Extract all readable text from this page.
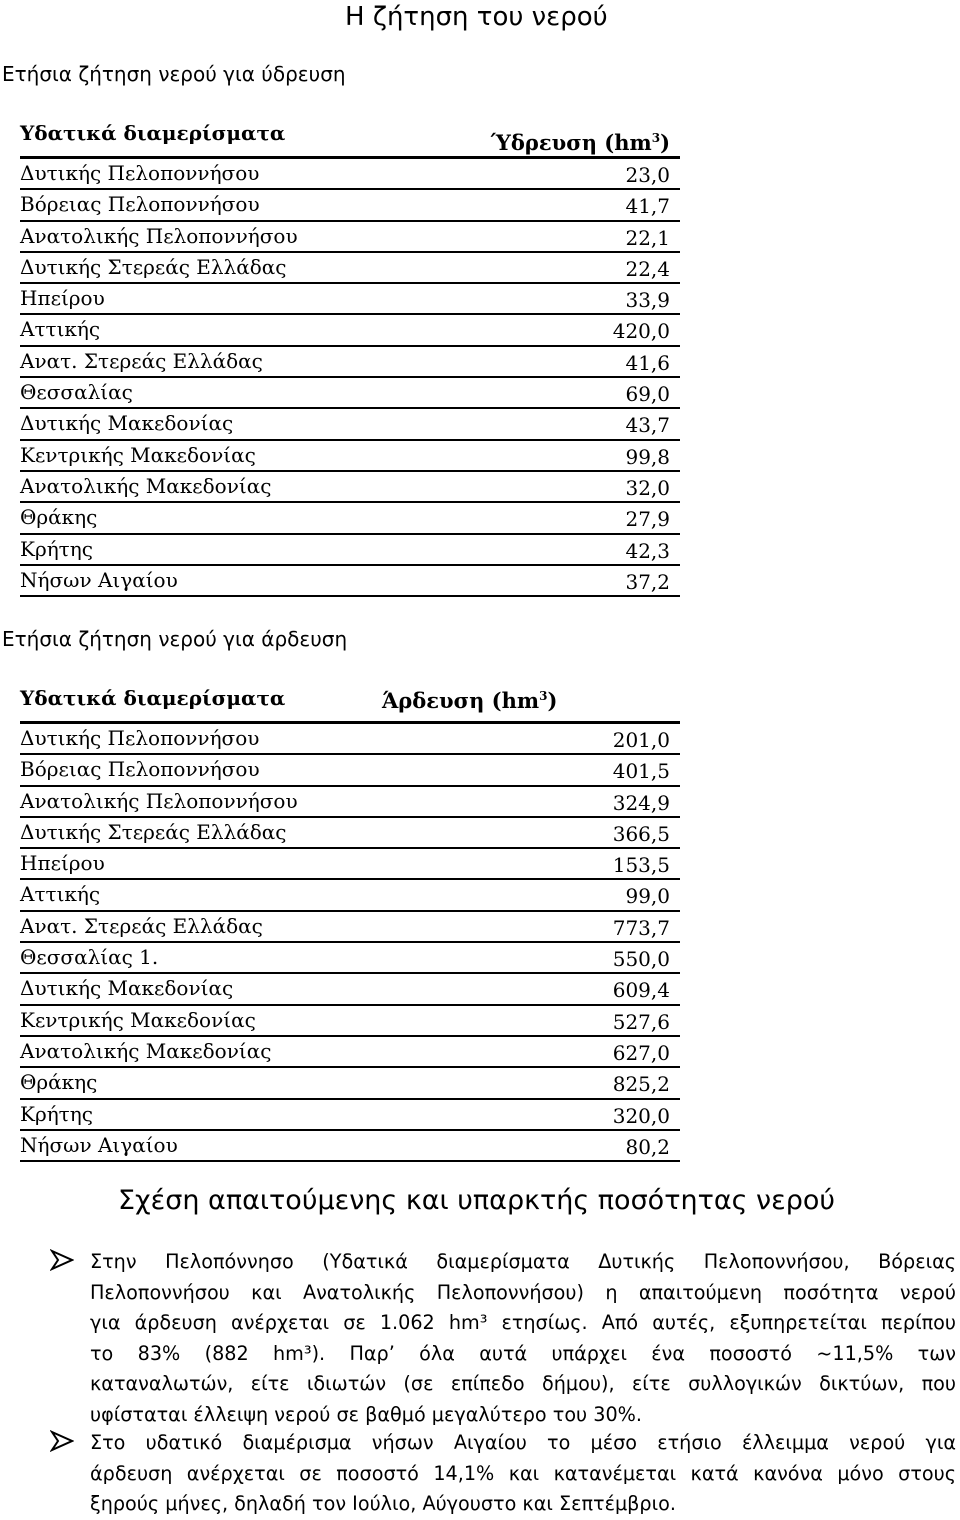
Η ζήτηση του νερού
Ετήσια ζήτηση νερού για ύδρευση
Υδατικά διαμερίσματα	Ύδρευση $(hm^3)$
Δυτικής Πελοποννήσου	23,0
Βόρειας Πελοποννήσου	41,7
Ανατολικής Πελοποννήσου	22,1
Δυτικής Στερεάς Ελλάδας	22,4
Ηπείρου	33,9
Αττικής	420,0
Ανατ. Στερεάς Ελλάδας	41,6
Θεσσαλίας	69,0
Δυτικής Μακεδονίας	43,7
Κεντρικής Μακεδονίας	99,8
Ανατολικής Μακεδονίας	32,0
Θράκης	27,9
Κρήτης	42,3
Νήσων Αιγαίου	37,2
Ετήσια ζήτηση νερού για άρδευση
Υδατικά διαμερίσματα	Άρδευση $(hm^3)$
Δυτικής Πελοποννήσου	201,0
Βόρειας Πελοποννήσου	401,5
Ανατολικής Πελοποννήσου	324,9
Δυτικής Στερεάς Ελλάδας	366,5
Ηπείρου	153,5
Αττικής	99,0
Ανατ. Στερεάς Ελλάδας	773,7
Θεσσαλίας 1.	550,0
Δυτικής Μακεδονίας	609,4
Κεντρικής Μακεδονίας	527,6
Ανατολικής Μακεδονίας	627,0
Θράκης	825,2
Κρήτης	320,0
Νήσων Αιγαίου	80,2
Σχέση απαιτούμενης και υπαρκτής ποσότητας νερού
Στην Πελοπόννησο (Υδατικά διαμερίσματα Δυτικής Πελοποννήσου, Βόρειας
Πελοποννήσου και Ανατολικής Πελοποννήσου) η απαιτούμενη ποσότητα νερού
για άρδευση ανέρχεται σε 1.062 hm³ ετησίως. Από αυτές, εξυπηρετείται περίπου
το 83% (882 hm³). Παρ’ όλα αυτά υπάρχει ένα ποσοστό ~11,5% των
καταναλωτών, είτε ιδιωτών (σε επίπεδο δήμου), είτε συλλογικών δικτύων, που
υφίσταται έλλειψη νερού σε βαθμό μεγαλύτερο του 30%.
Στο υδατικό διαμέρισμα νήσων Αιγαίου το μέσο ετήσιο έλλειμμα νερού για
άρδευση ανέρχεται σε ποσοστό 14,1% και κατανέμεται κατά κανόνα μόνο στους
ξηρούς μήνες, δηλαδή τον Ιούλιο, Αύγουστο και Σεπτέμβριο.
